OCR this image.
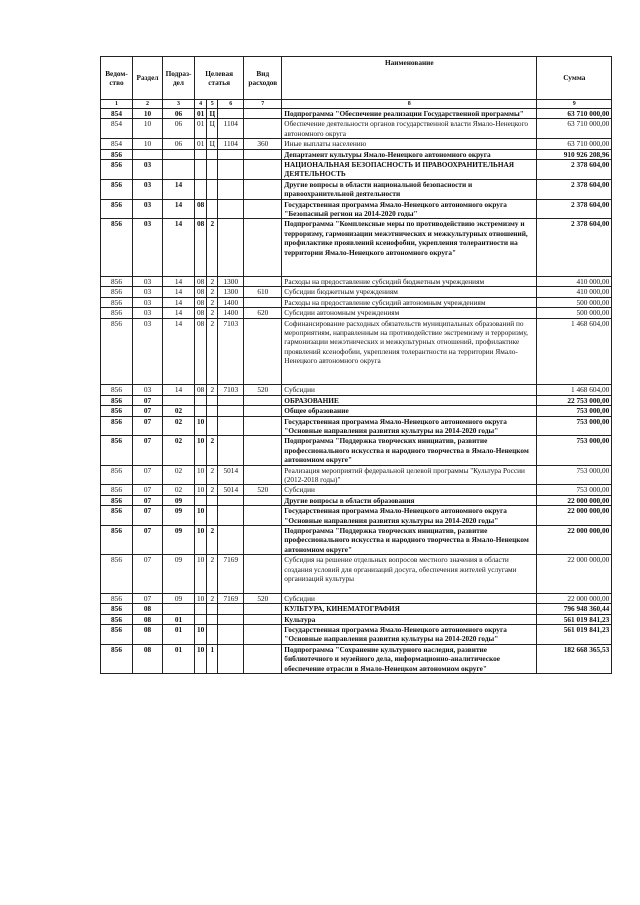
Ведом-ство	Раздел	Подраз-дел	Целевая статья			Вид расходов	Наименование	Сумма
1	2	3	4	5	6	7	8	9
854	10	06	01	Ц			Подпрограмма "Обеспечение реализации Государственной программы"	63 710 000,00
854	10	06	01	Ц	1104		Обеспечение деятельности органов государственной власти Ямало-Ненецкого автономного округа	63 710 000,00
854	10	06	01	Ц	1104	360	Иные выплаты населению	63 710 000,00
856							Департамент культуры Ямало-Ненецкого автономного округа	910 926 208,96
856	03						НАЦИОНАЛЬНАЯ БЕЗОПАСНОСТЬ И ПРАВООХРАНИТЕЛЬНАЯ ДЕЯТЕЛЬНОСТЬ	2 378 604,00
856	03	14					Другие вопросы в области национальной безопасности и правоохранительной деятельности	2 378 604,00
856	03	14	08				Государственная программа Ямало-Ненецкого автономного округа "Безопасный регион на 2014-2020 годы"	2 378 604,00
856	03	14	08	2			Подпрограмма "Комплексные меры по противодействию экстремизму и терроризму, гармонизации межэтнических и межкультурных отношений, профилактике проявлений ксенофобии, укрепления толерантности на территории Ямало-Ненецкого автономного округа"	2 378 604,00
856	03	14	08	2	1300		Расходы на предоставление субсидий бюджетным учреждениям	410 000,00
856	03	14	08	2	1300	610	Субсидии бюджетным учреждениям	410 000,00
856	03	14	08	2	1400		Расходы на предоставление субсидий автономным учреждениям	500 000,00
856	03	14	08	2	1400	620	Субсидии автономным учреждениям	500 000,00
856	03	14	08	2	7103		Софинансирование расходных обязательств муниципальных образований по мероприятиям, направленным на противодействие экстремизму и терроризму, гармонизации межэтнических и межкультурных отношений, профилактике проявлений ксенофобии, укрепления толерантности на территории Ямало-Ненецкого автономного округа	1 468 604,00
856	03	14	08	2	7103	520	Субсидии	1 468 604,00
856	07						ОБРАЗОВАНИЕ	22 753 000,00
856	07	02					Общее образование	753 000,00
856	07	02	10				Государственная программа Ямало-Ненецкого автономного округа "Основные направления развития культуры на 2014-2020 годы"	753 000,00
856	07	02	10	2			Подпрограмма "Поддержка творческих инициатив, развитие профессионального искусства и народного творчества в Ямало-Ненецком автономном округе"	753 000,00
856	07	02	10	2	5014		Реализация мероприятий федеральной целевой программы "Культура России (2012-2018 годы)"	753 000,00
856	07	02	10	2	5014	520	Субсидии	753 000,00
856	07	09					Другие вопросы в области образования	22 000 000,00
856	07	09	10				Государственная программа Ямало-Ненецкого автономного округа "Основные направления развития культуры на 2014-2020 годы"	22 000 000,00
856	07	09	10	2			Подпрограмма "Поддержка творческих инициатив, развитие профессионального искусства и народного творчества в Ямало-Ненецком автономном округе"	22 000 000,00
856	07	09	10	2	7169		Субсидия на решение отдельных вопросов местного значения в области создания условий для организаций досуга, обеспечения жителей услугами организаций культуры	22 000 000,00
856	07	09	10	2	7169	520	Субсидии	22 000 000,00
856	08						КУЛЬТУРА, КИНЕМАТОГРАФИЯ	796 948 360,44
856	08	01					Культура	561 019 841,23
856	08	01	10				Государственная программа Ямало-Ненецкого автономного округа "Основные направления развития культуры на 2014-2020 годы"	561 019 841,23
856	08	01	10	1			Подпрограмма "Сохранение культурного наследия, развитие библиотечного и музейного дела, информационно-аналитическое обеспечение отрасли в Ямало-Ненецком автономном округе"	182 668 365,53
